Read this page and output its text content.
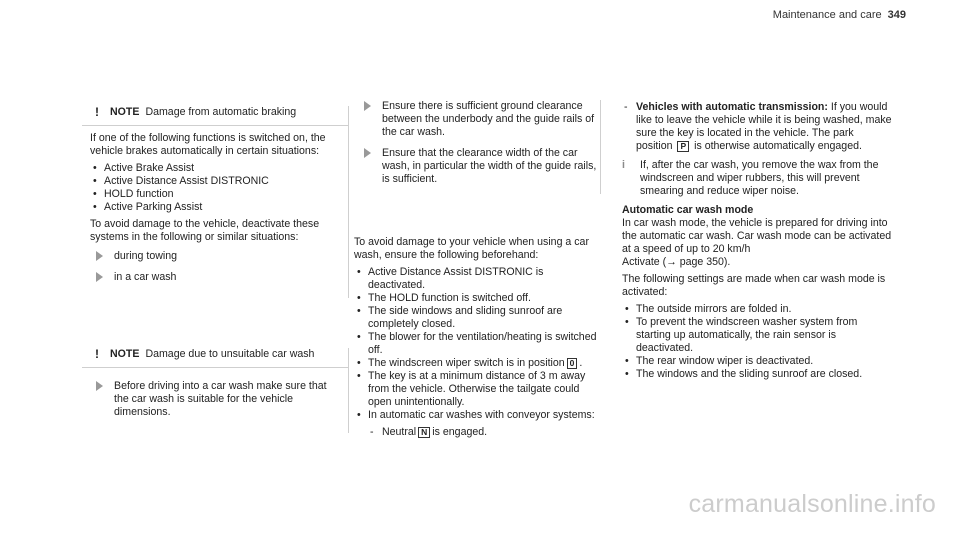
Maintenance and care 349
!	NOTE Damage from automatic braking

If one of the following functions is switched on, the vehicle brakes automatically in certain situations:

• Active Brake Assist
• Active Distance Assist DISTRONIC
• HOLD function
• Active Parking Assist

To avoid damage to the vehicle, deactivate these systems in the following or similar situations:

during towing
in a car wash
!	NOTE Damage due to unsuitable car wash
Before driving into a car wash make sure that the car wash is suitable for the vehicle dimensions.
Ensure there is sufficient ground clearance between the underbody and the guide rails of the car wash.
Ensure that the clearance width of the car wash, in particular the width of the guide rails, is sufficient.

To avoid damage to your vehicle when using a car wash, ensure the following beforehand:

• Active Distance Assist DISTRONIC is deactivated.
• The HOLD function is switched off.
• The side windows and sliding sunroof are completely closed.
• The blower for the ventilation/heating is switched off.
• The windscreen wiper switch is in position 0 .
• The key is at a minimum distance of 3 m away from the vehicle. Otherwise the tailgate could open unintentionally.
• In automatic car washes with conveyor systems:
- Neutral N is engaged.
- Vehicles with automatic transmission: If you would like to leave the vehicle while it is being washed, make sure the key is located in the vehicle. The park position P is otherwise automatically engaged.
i If, after the car wash, you remove the wax from the windscreen and wiper rubbers, this will prevent smearing and reduce wiper noise.
Automatic car wash mode

In car wash mode, the vehicle is prepared for driving into the automatic car wash. Car wash mode can be activated at a speed of up to 20 km/h

Activate (→ page 350).

The following settings are made when car wash mode is activated:

• The outside mirrors are folded in.
• To prevent the windscreen washer system from starting up automatically, the rain sensor is deactivated.
• The rear window wiper is deactivated.
• The windows and the sliding sunroof are closed.
carmanualsonline.info
